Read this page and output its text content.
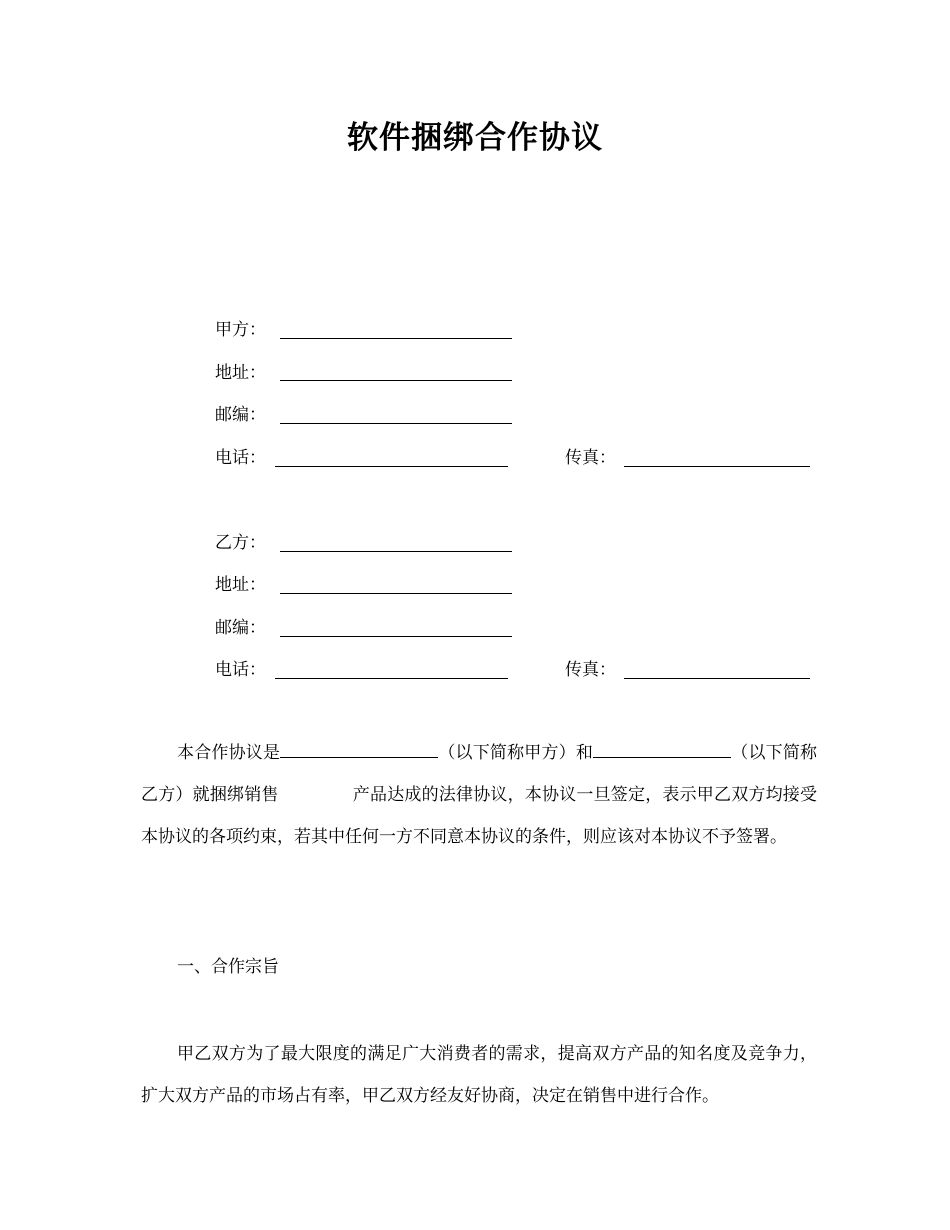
软件捆绑合作协议
甲方：
地址：
邮编：
电话：	传真：
乙方：
地址：
邮编：
电话：	传真：
本合作协议是	（以下简称甲方）和	（以下简称乙方）就捆绑销售	产品达成的法律协议，本协议一旦签定，表示甲乙双方均接受本协议的各项约束，若其中任何一方不同意本协议的条件，则应该对本协议不予签署。
一、合作宗旨
甲乙双方为了最大限度的满足广大消费者的需求，提高双方产品的知名度及竞争力，扩大双方产品的市场占有率，甲乙双方经友好协商，决定在销售中进行合作。
